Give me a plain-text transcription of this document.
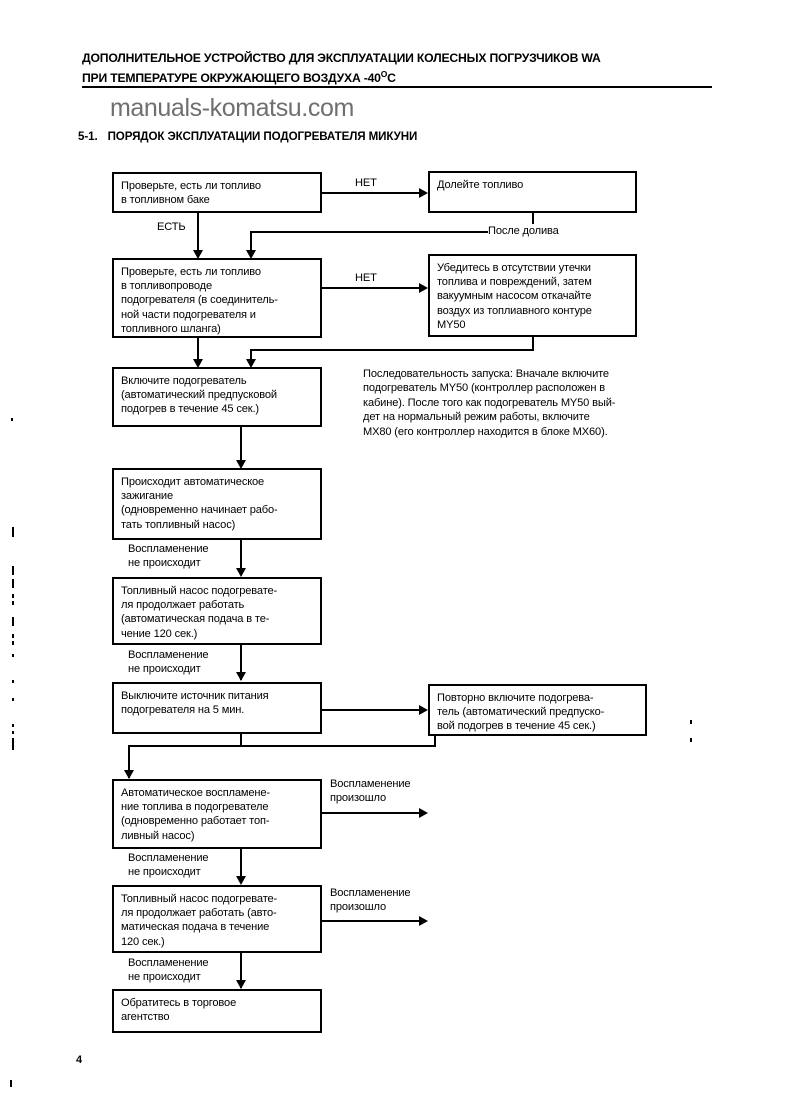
ДОПОЛНИТЕЛЬНОЕ УСТРОЙСТВО ДЛЯ ЭКСПЛУАТАЦИИ КОЛЕСНЫХ ПОГРУЗЧИКОВ WA
ПРИ ТЕМПЕРАТУРЕ ОКРУЖАЮЩЕГО ВОЗДУХА $-40^OС$
manuals-komatsu.com
5-1. ПОРЯДОК ЭКСПЛУАТАЦИИ ПОДОГРЕВАТЕЛЯ МИКУНИ
4
Проверьте, есть ли топливо
в топливном баке
НЕТ	Долейте топливо
ЕСТЬ	После долива
Проверьте, есть ли топливо
в топливопроводе
подогревателя (в соединитель-
ной части подогревателя и
топливного шланга)
НЕТ
Убедитесь в отсутствии утечки
топлива и повреждений, затем
вакуумным насосом откачайте
воздух из топлиавного контуре
MY50
Включите подогреватель
(автоматический предпусковой
подогрев в течение 45 сек.)
Последовательность запуска: Вначале включите
подогреватель MY50 (контроллер расположен в
кабине). После того как подогреватель MY50 вый-
дет на нормальный режим работы, включите
MX80 (его контроллер находится в блоке MX60).
Происходит автоматическое
зажигание
(одновременно начинает рабо-
тать топливный насос)
Воспламенение
не происходит
Топливный насос подогревате-
ля продолжает работать
(автоматическая подача в те-
чение 120 сек.)
Воспламенение
не происходит
Выключите источник питания
подогревателя на 5 мин.
Повторно включите подогрева-
тель (автоматический предпуско-
вой подогрев в течение 45 сек.)
Автоматическое воспламене-
ние топлива в подогревателе
(одновременно работает топ-
ливный насос)
Воспламенение
произошло
Воспламенение
не происходит
Топливный насос подогревате-
ля продолжает работать (авто-
матическая подача в течение
120 сек.)
Воспламенение
произошло
Воспламенение
не происходит
Обратитесь в торговое
агентство
